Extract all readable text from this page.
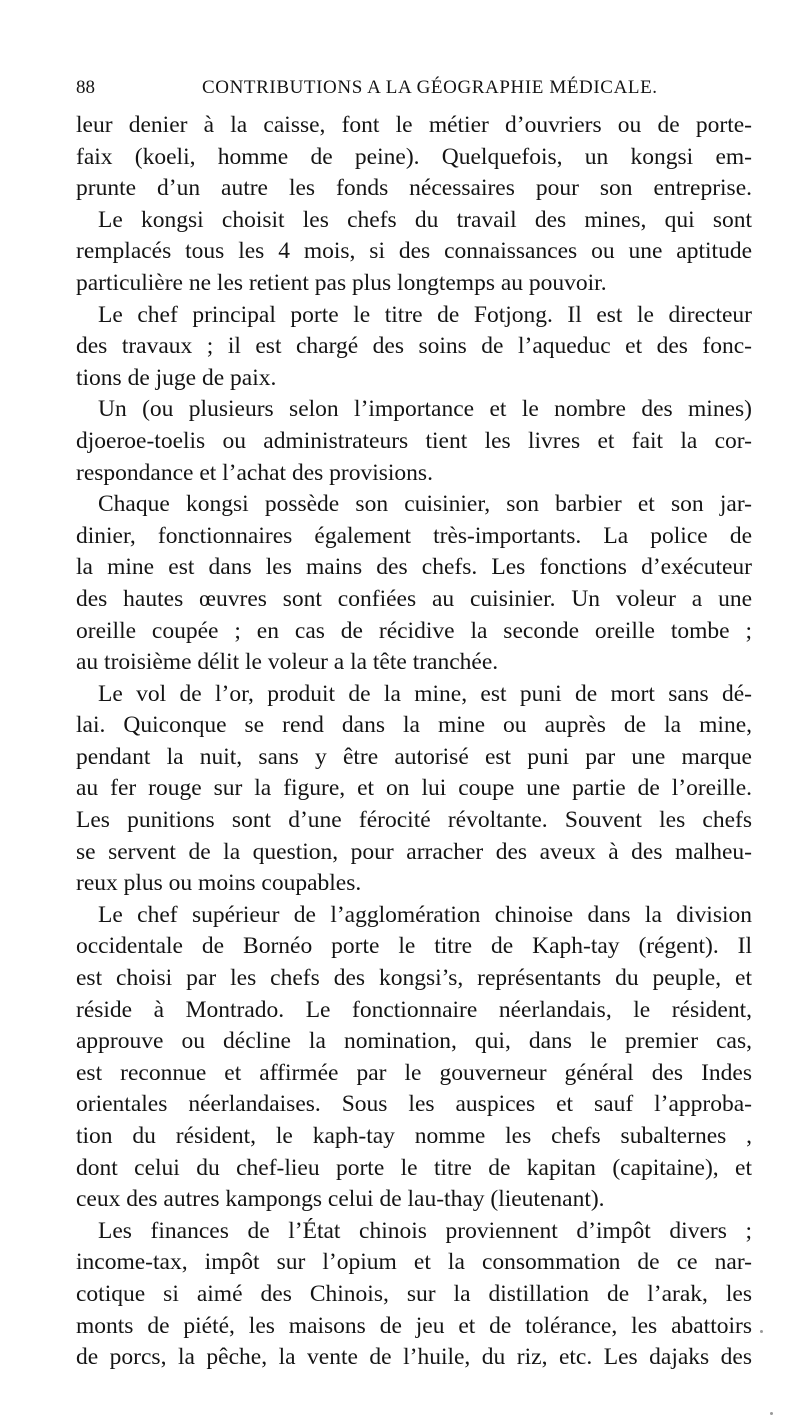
88	CONTRIBUTIONS A LA GÉOGRAPHIE MÉDICALE.
leur denier à la caisse, font le métier d’ouvriers ou de porte-
faix (koeli, homme de peine). Quelquefois, un kongsi em-
prunte d’un autre les fonds nécessaires pour son entreprise.
Le kongsi choisit les chefs du travail des mines, qui sont
remplacés tous les 4 mois, si des connaissances ou une aptitude
particulière ne les retient pas plus longtemps au pouvoir.
Le chef principal porte le titre de Fotjong. Il est le directeur
des travaux ; il est chargé des soins de l’aqueduc et des fonc-
tions de juge de paix.
Un (ou plusieurs selon l’importance et le nombre des mines)
djoeroe-toelis ou administrateurs tient les livres et fait la cor-
respondance et l’achat des provisions.
Chaque kongsi possède son cuisinier, son barbier et son jar-
dinier, fonctionnaires également très-importants. La police de
la mine est dans les mains des chefs. Les fonctions d’exécuteur
des hautes œuvres sont confiées au cuisinier. Un voleur a une
oreille coupée ; en cas de récidive la seconde oreille tombe ;
au troisième délit le voleur a la tête tranchée.
Le vol de l’or, produit de la mine, est puni de mort sans dé-
lai. Quiconque se rend dans la mine ou auprès de la mine,
pendant la nuit, sans y être autorisé est puni par une marque
au fer rouge sur la figure, et on lui coupe une partie de l’oreille.
Les punitions sont d’une férocité révoltante. Souvent les chefs
se servent de la question, pour arracher des aveux à des malheu-
reux plus ou moins coupables.
Le chef supérieur de l’agglomération chinoise dans la division
occidentale de Bornéo porte le titre de Kaph-tay (régent). Il
est choisi par les chefs des kongsi’s, représentants du peuple, et
réside à Montrado. Le fonctionnaire néerlandais, le résident,
approuve ou décline la nomination, qui, dans le premier cas,
est reconnue et affirmée par le gouverneur général des Indes
orientales néerlandaises. Sous les auspices et sauf l’approba-
tion du résident, le kaph-tay nomme les chefs subalternes ,
dont celui du chef-lieu porte le titre de kapitan (capitaine), et
ceux des autres kampongs celui de lau-thay (lieutenant).
Les finances de l’État chinois proviennent d’impôt divers ;
income-tax, impôt sur l’opium et la consommation de ce nar-
cotique si aimé des Chinois, sur la distillation de l’arak, les
monts de piété, les maisons de jeu et de tolérance, les abattoirs
de porcs, la pêche, la vente de l’huile, du riz, etc. Les dajaks des
